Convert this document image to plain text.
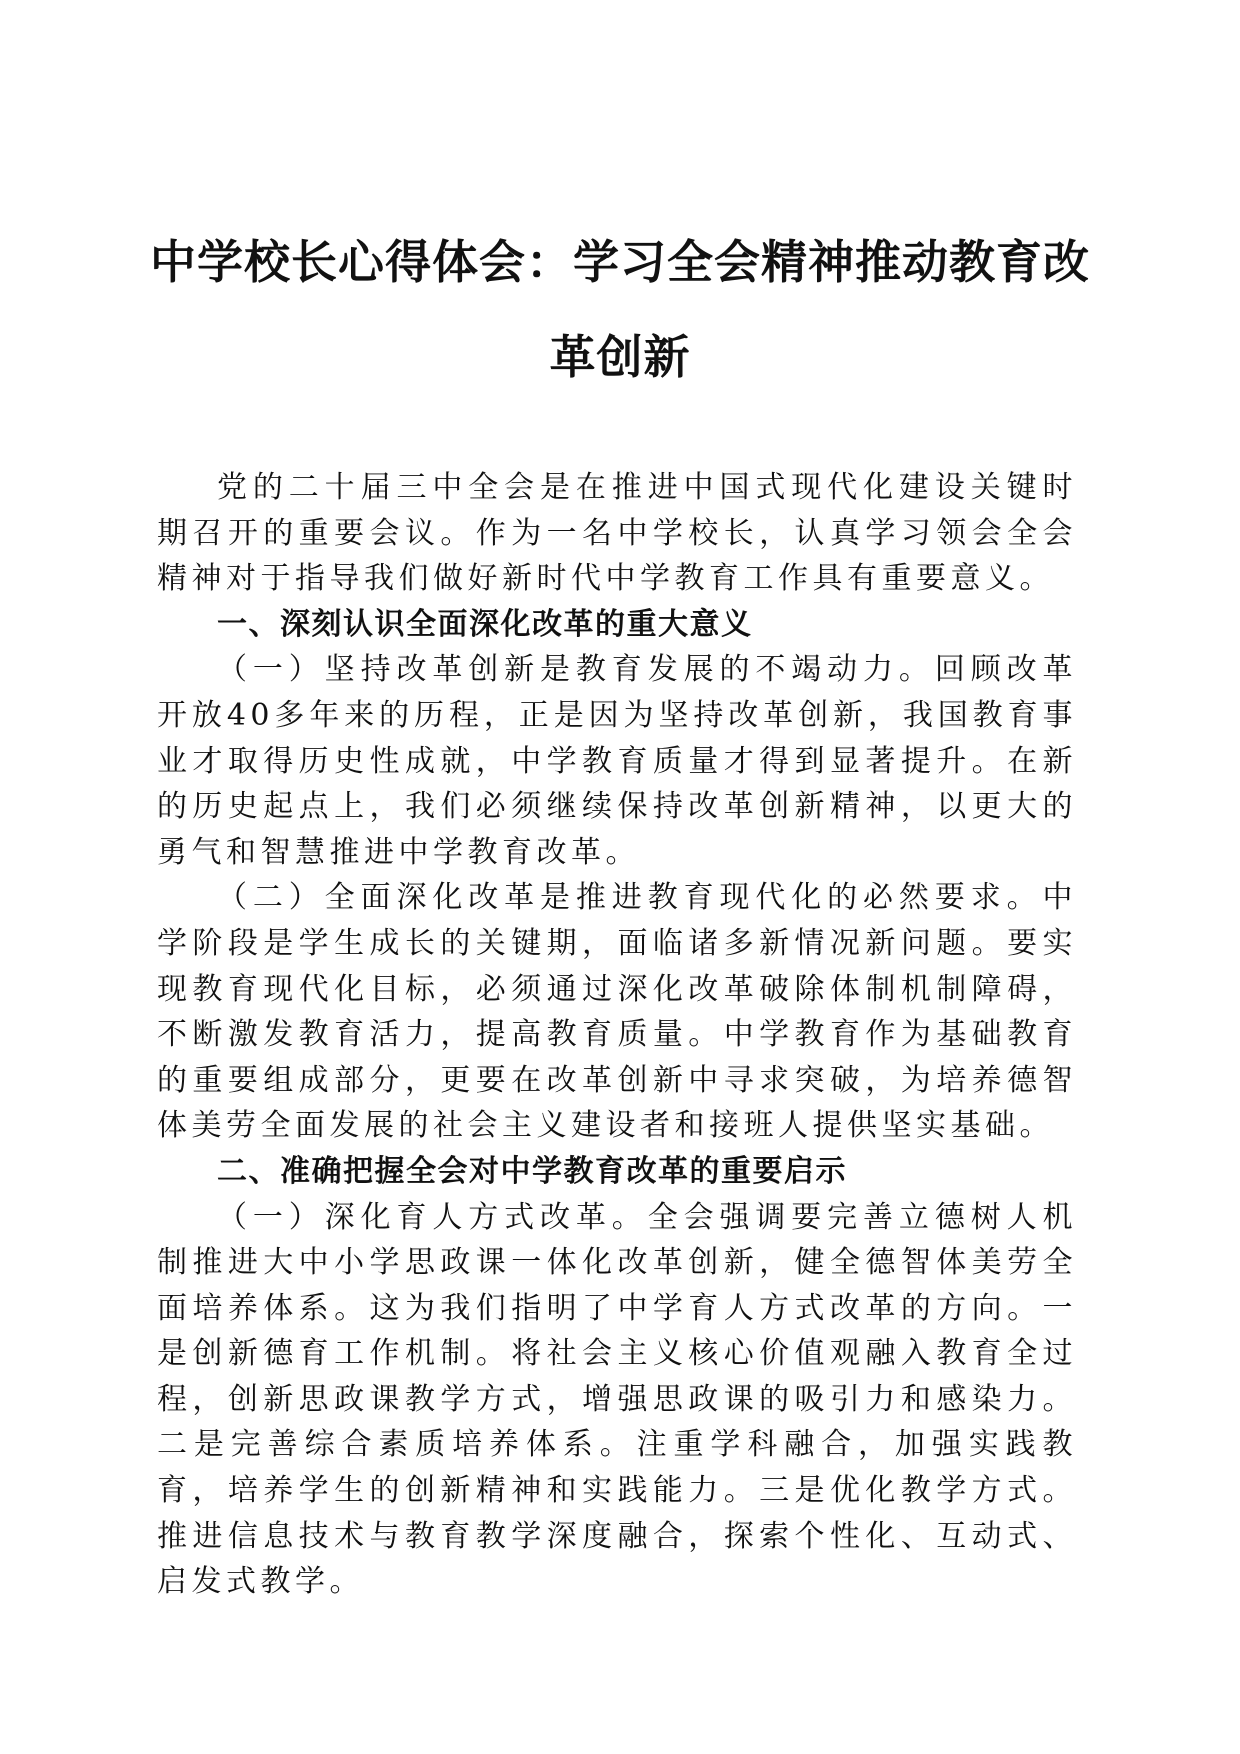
中学校长心得体会：学习全会精神推动教育改革创新

党的二十届三中全会是在推进中国式现代化建设关键时期召开的重要会议。作为一名中学校长，认真学习领会全会精神对于指导我们做好新时代中学教育工作具有重要意义。

一、深刻认识全面深化改革的重大意义

（一）坚持改革创新是教育发展的不竭动力。回顾改革开放40多年来的历程，正是因为坚持改革创新，我国教育事业才取得历史性成就，中学教育质量才得到显著提升。在新的历史起点上，我们必须继续保持改革创新精神，以更大的勇气和智慧推进中学教育改革。

（二）全面深化改革是推进教育现代化的必然要求。中学阶段是学生成长的关键期，面临诸多新情况新问题。要实现教育现代化目标，必须通过深化改革破除体制机制障碍，不断激发教育活力，提高教育质量。中学教育作为基础教育的重要组成部分，更要在改革创新中寻求突破，为培养德智体美劳全面发展的社会主义建设者和接班人提供坚实基础。

二、准确把握全会对中学教育改革的重要启示

（一）深化育人方式改革。全会强调要完善立德树人机制推进大中小学思政课一体化改革创新，健全德智体美劳全面培养体系。这为我们指明了中学育人方式改革的方向。一是创新德育工作机制。将社会主义核心价值观融入教育全过程，创新思政课教学方式，增强思政课的吸引力和感染力。二是完善综合素质培养体系。注重学科融合，加强实践教育，培养学生的创新精神和实践能力。三是优化教学方式。推进信息技术与教育教学深度融合，探索个性化、互动式、启发式教学。
